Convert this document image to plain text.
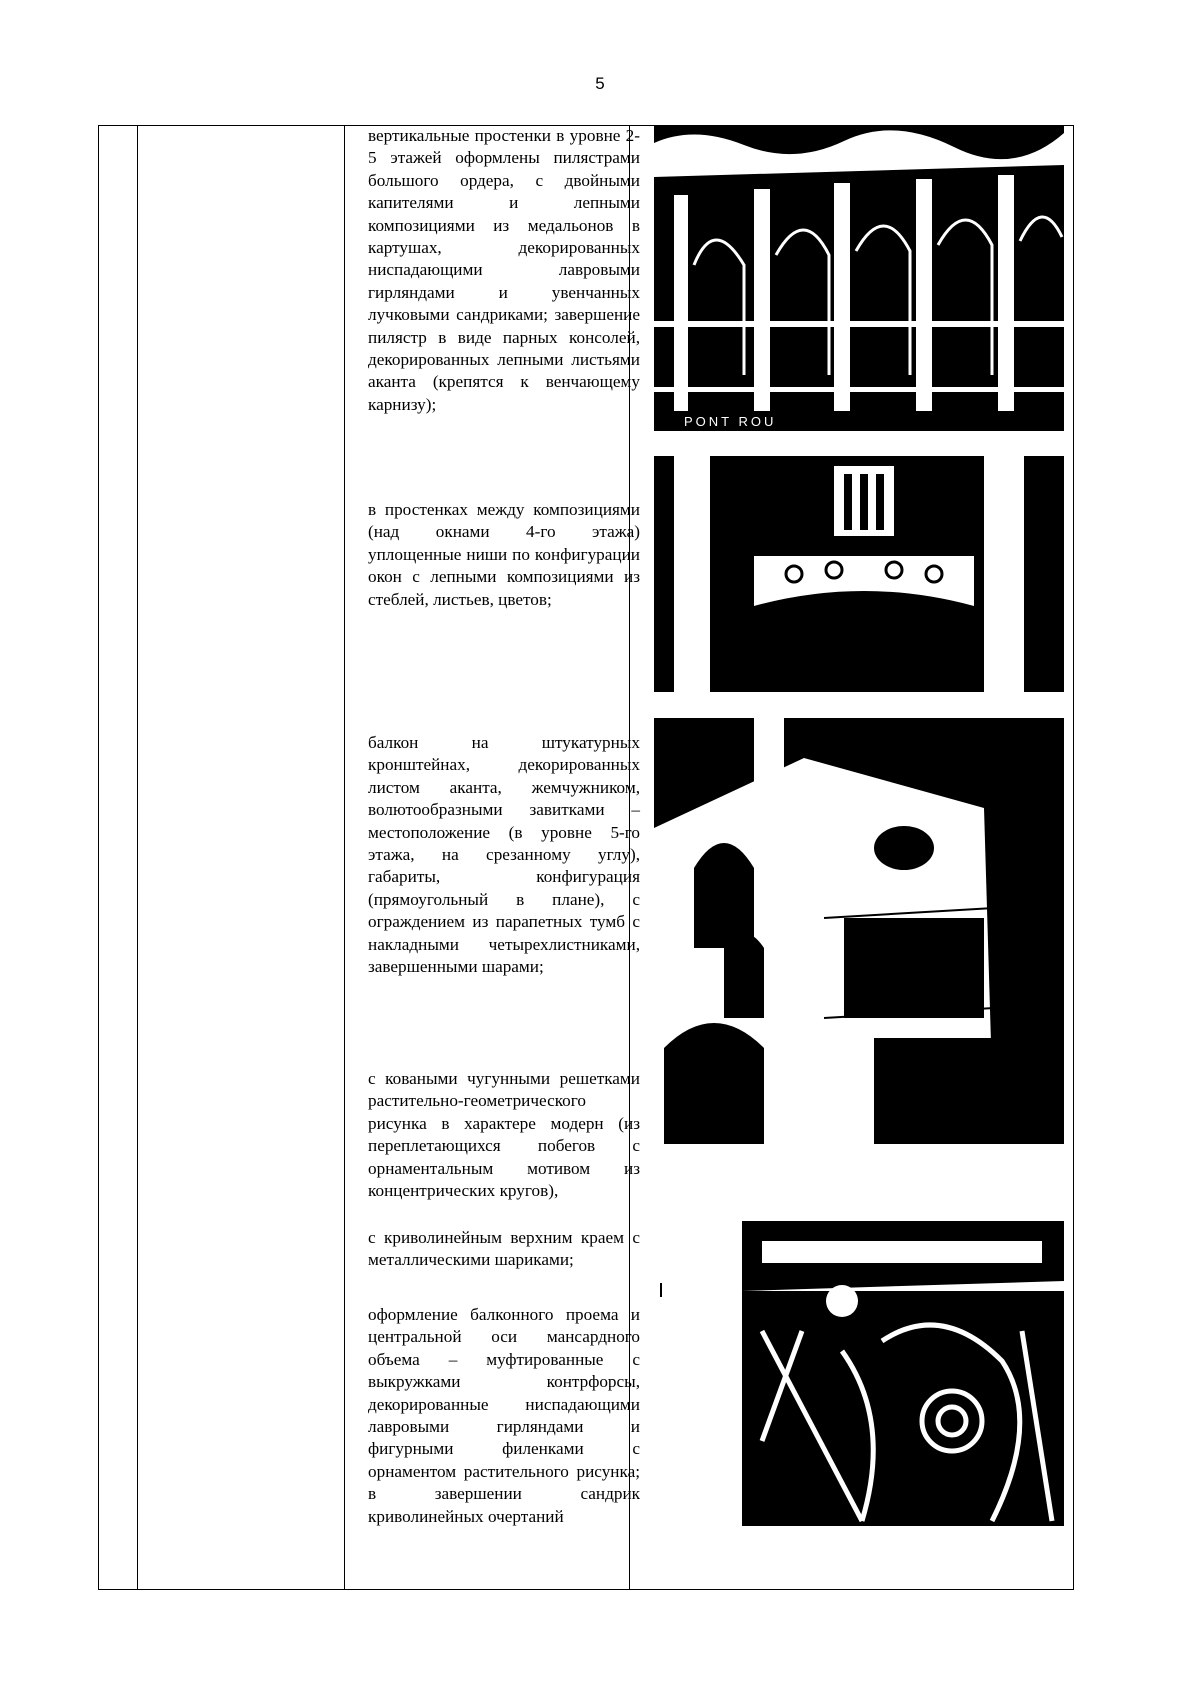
5
вертикальные простенки в уровне 2-5 этажей оформлены пилястрами большого ордера, с двойными капителями и лепными композициями из медальонов в картушах, декорированных ниспадающими лавровыми гирляндами и увенчанных лучковыми сандриками; завершение пилястр в виде парных консолей, декорированных лепными листьями аканта (крепятся к венчающему карнизу);
в простенках между композициями (над окнами 4-го этажа) уплощенные ниши по конфигурации окон с лепными композициями из стеблей, листьев, цветов;
балкон на штукатурных кронштейнах, декорированных листом аканта, жемчужником, волютообразными завитками – местоположение (в уровне 5-го этажа, на срезанному углу), габариты, конфигурация (прямоугольный в плане), с ограждением из парапетных тумб с накладными четырехлистниками, завершенными шарами;
с коваными чугунными решетками растительно-геометрического рисунка в характере модерн (из переплетающихся побегов с орнаментальным мотивом из концентрических кругов),
с криволинейным верхним краем с металлическими шариками;
оформление балконного проема и центральной оси мансардного объема – муфтированные с выкружками контрфорсы, декорированные ниспадающими лавровыми гирляндами и фигурными филенками с орнаментом растительного рисунка; в завершении сандрик криволинейных очертаний
PONT ROU
